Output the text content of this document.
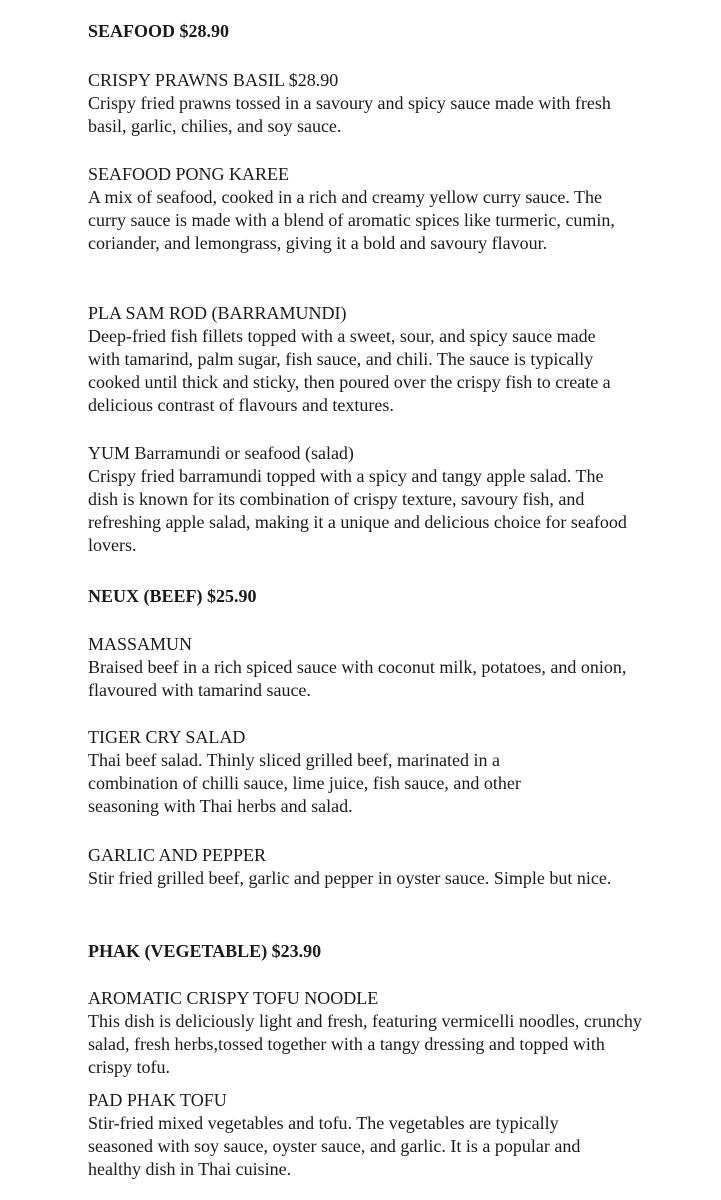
SEAFOOD $28.90

CRISPY PRAWNS BASIL $28.90

Crispy fried prawns tossed in a savoury and spicy sauce made with fresh basil, garlic, chilies, and soy sauce.

SEAFOOD PONG KAREE

A mix of seafood, cooked in a rich and creamy yellow curry sauce. The curry sauce is made with a blend of aromatic spices like turmeric, cumin, coriander, and lemongrass, giving it a bold and savoury flavour.

PLA SAM ROD (BARRAMUNDI)

Deep-fried fish fillets topped with a sweet, sour, and spicy sauce made with tamarind, palm sugar, fish sauce, and chili. The sauce is typically cooked until thick and sticky, then poured over the crispy fish to create a delicious contrast of flavours and textures.

YUM Barramundi or seafood (salad)

Crispy fried barramundi topped with a spicy and tangy apple salad. The dish is known for its combination of crispy texture, savoury fish, and refreshing apple salad, making it a unique and delicious choice for seafood lovers.

NEUX (BEEF) $25.90

MASSAMUN

Braised beef in a rich spiced sauce with coconut milk, potatoes, and onion, flavoured with tamarind sauce.

TIGER CRY SALAD

Thai beef salad. Thinly sliced grilled beef, marinated in a combination of chilli sauce, lime juice, fish sauce, and other seasoning with Thai herbs and salad.

GARLIC AND PEPPER

Stir fried grilled beef, garlic and pepper in oyster sauce. Simple but nice.

PHAK (VEGETABLE) $23.90

AROMATIC CRISPY TOFU NOODLE

This dish is deliciously light and fresh, featuring vermicelli noodles, crunchy salad, fresh herbs,tossed together with a tangy dressing and topped with crispy tofu.

PAD PHAK TOFU

Stir-fried mixed vegetables and tofu. The vegetables are typically seasoned with soy sauce, oyster sauce, and garlic. It is a popular and healthy dish in Thai cuisine.
